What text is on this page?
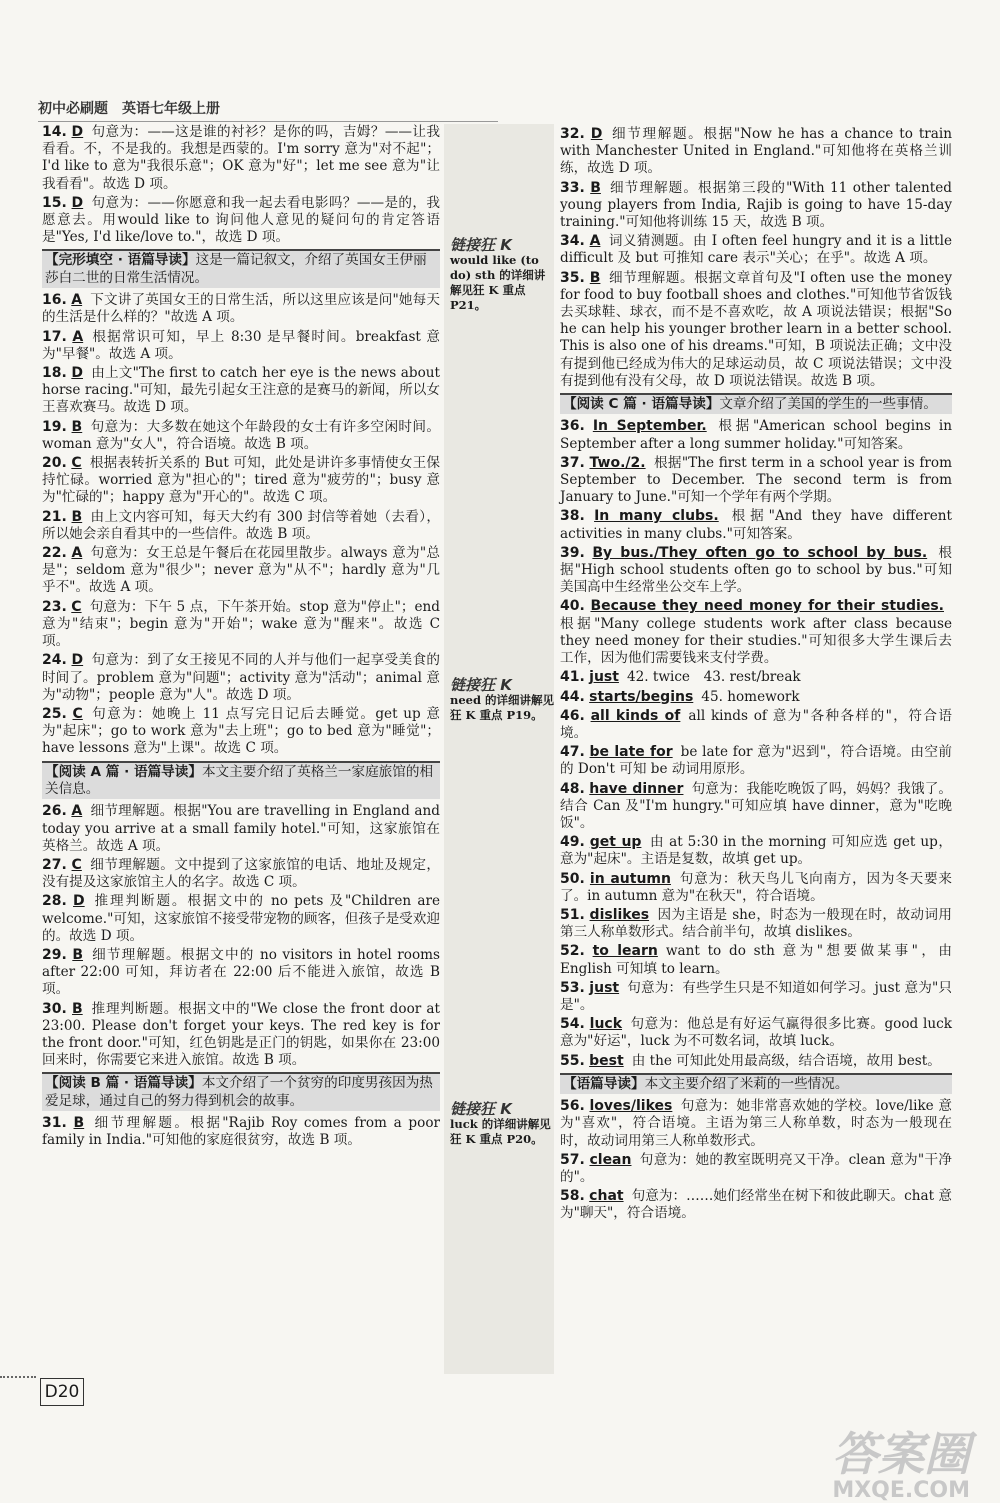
初中必刷题　英语七年级上册
链接狂 K
would like (to do) sth 的详细讲解见狂 K 重点 P21。
链接狂 K
need 的详细讲解见狂 K 重点 P19。
链接狂 K
luck 的详细讲解见狂 K 重点 P20。
14. D 句意为：——这是谁的衬衫？是你的吗，吉姆？——让我看看。不，不是我的。我想是西蒙的。I'm sorry 意为"对不起"；I'd like to 意为"我很乐意"；OK 意为"好"；let me see 意为"让我看看"。故选 D 项。
15. D 句意为：——你愿意和我一起去看电影吗？——是的，我愿意去。用would like to 询问他人意见的疑问句的肯定答语是"Yes, I'd like/love to."，故选 D 项。
【完形填空 · 语篇导读】这是一篇记叙文，介绍了英国女王伊丽莎白二世的日常生活情况。
16. A 下文讲了英国女王的日常生活，所以这里应该是问"她每天的生活是什么样的？"故选 A 项。
17. A 根据常识可知，早上 8:30 是早餐时间。breakfast 意为"早餐"。故选 A 项。
18. D 由上文"The first to catch her eye is the news about horse racing."可知，最先引起女王注意的是赛马的新闻，所以女王喜欢赛马。故选 D 项。
19. B 句意为：大多数在她这个年龄段的女士有许多空闲时间。woman 意为"女人"，符合语境。故选 B 项。
20. C 根据表转折关系的 But 可知，此处是讲许多事情使女王保持忙碌。worried 意为"担心的"；tired 意为"疲劳的"；busy 意为"忙碌的"；happy 意为"开心的"。故选 C 项。
21. B 由上文内容可知，每天大约有 300 封信等着她（去看），所以她会亲自看其中的一些信件。故选 B 项。
22. A 句意为：女王总是午餐后在花园里散步。always 意为"总是"；seldom 意为"很少"；never 意为"从不"；hardly 意为"几乎不"。故选 A 项。
23. C 句意为：下午 5 点，下午茶开始。stop 意为"停止"；end 意为"结束"；begin 意为"开始"；wake 意为"醒来"。故选 C 项。
24. D 句意为：到了女王接见不同的人并与他们一起享受美食的时间了。problem 意为"问题"；activity 意为"活动"；animal 意为"动物"；people 意为"人"。故选 D 项。
25. C 句意为：她晚上 11 点写完日记后去睡觉。get up 意为"起床"；go to work 意为"去上班"；go to bed 意为"睡觉"；have lessons 意为"上课"。故选 C 项。
【阅读 A 篇 · 语篇导读】本文主要介绍了英格兰一家庭旅馆的相关信息。
26. A 细节理解题。根据"You are travelling in England and today you arrive at a small family hotel."可知，这家旅馆在英格兰。故选 A 项。
27. C 细节理解题。文中提到了这家旅馆的电话、地址及规定，没有提及这家旅馆主人的名字。故选 C 项。
28. D 推理判断题。根据文中的 no pets 及"Children are welcome."可知，这家旅馆不接受带宠物的顾客，但孩子是受欢迎的。故选 D 项。
29. B 细节理解题。根据文中的 no visitors in hotel rooms after 22:00 可知，拜访者在 22:00 后不能进入旅馆，故选 B 项。
30. B 推理判断题。根据文中的"We close the front door at 23:00. Please don't forget your keys. The red key is for the front door."可知，红色钥匙是正门的钥匙，如果你在 23:00 回来时，你需要它来进入旅馆。故选 B 项。
【阅读 B 篇 · 语篇导读】本文介绍了一个贫穷的印度男孩因为热爱足球，通过自己的努力得到机会的故事。
31. B 细节理解题。根据"Rajib Roy comes from a poor family in India."可知他的家庭很贫穷，故选 B 项。
32. D 细节理解题。根据"Now he has a chance to train with Manchester United in England."可知他将在英格兰训练，故选 D 项。
33. B 细节理解题。根据第三段的"With 11 other talented young players from India, Rajib is going to have 15-day training."可知他将训练 15 天，故选 B 项。
34. A 词义猜测题。由 I often feel hungry and it is a little difficult 及 but 可推知 care 表示"关心；在乎"。故选 A 项。
35. B 细节理解题。根据文章首句及"I often use the money for food to buy football shoes and clothes."可知他节省饭钱去买球鞋、球衣，而不是不喜欢吃，故 A 项说法错误；根据"So he can help his younger brother learn in a better school. This is also one of his dreams."可知，B 项说法正确；文中没有提到他已经成为伟大的足球运动员，故 C 项说法错误；文中没有提到他有没有父母，故 D 项说法错误。故选 B 项。
【阅读 C 篇 · 语篇导读】文章介绍了美国的学生的一些事情。
36. In September. 根据"American school begins in September after a long summer holiday."可知答案。
37. Two./2. 根据"The first term in a school year is from September to December. The second term is from January to June."可知一个学年有两个学期。
38. In many clubs. 根据"And they have different activities in many clubs."可知答案。
39. By bus./They often go to school by bus. 根据"High school students often go to school by bus."可知美国高中生经常坐公交车上学。
40. Because they need money for their studies.根据"Many college students work after class because they need money for their studies."可知很多大学生课后去工作，因为他们需要钱来支付学费。
41. just 42. twice　43. rest/break
44. starts/begins 45. homework
46. all kinds of all kinds of 意为"各种各样的"，符合语境。
47. be late for be late for 意为"迟到"，符合语境。由空前的 Don't 可知 be 动词用原形。
48. have dinner 句意为：我能吃晚饭了吗，妈妈？我饿了。结合 Can 及"I'm hungry."可知应填 have dinner，意为"吃晚饭"。
49. get up 由 at 5:30 in the morning 可知应选 get up，意为"起床"。主语是复数，故填 get up。
50. in autumn 句意为：秋天鸟儿飞向南方，因为冬天要来了。in autumn 意为"在秋天"，符合语境。
51. dislikes 因为主语是 she，时态为一般现在时，故动词用第三人称单数形式。结合前半句，故填 dislikes。
52. to learn want to do sth 意为"想要做某事"，由 English 可知填 to learn。
53. just 句意为：有些学生只是不知道如何学习。just 意为"只是"。
54. luck 句意为：他总是有好运气赢得很多比赛。good luck 意为"好运"，luck 为不可数名词，故填 luck。
55. best 由 the 可知此处用最高级，结合语境，故用 best。
【语篇导读】本文主要介绍了米莉的一些情况。
56. loves/likes 句意为：她非常喜欢她的学校。love/like 意为"喜欢"，符合语境。主语为第三人称单数，时态为一般现在时，故动词用第三人称单数形式。
57. clean 句意为：她的教室既明亮又干净。clean 意为"干净的"。
58. chat 句意为：……她们经常坐在树下和彼此聊天。chat 意为"聊天"，符合语境。
D20
答案圈
MXQE.COM
